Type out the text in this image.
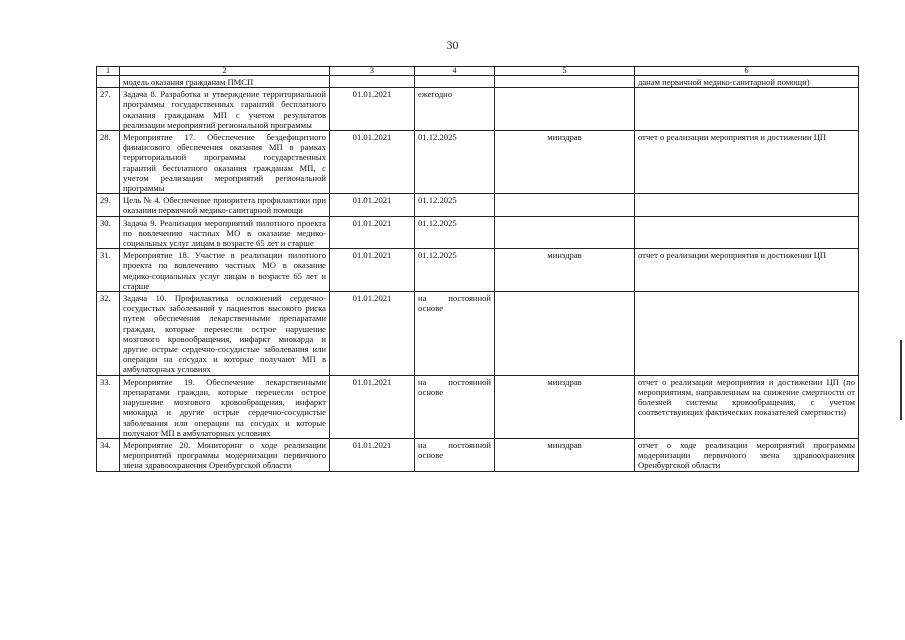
30
1	2	3	4	5	6
	модель оказания гражданам ПМСП				данам первичной медико-санитарной помощи)
27.	Задача 8. Разработка и утверждение территориальной программы государственных гарантий бесплатного оказания гражданам МП с учетом результатов реализации мероприятий региональной программы	01.01.2021	ежегодно		
28.	Мероприятие 17. Обеспечение бездефицитного финансового обеспечения оказания МП в рамках территориальной программы государственных гарантий бесплатного оказания гражданам МП, с учетом реализации мероприятий региональной программы	01.01.2021	01.12.2025	минздрав	отчет о реализации мероприятия и достижении ЦП
29.	Цель № 4. Обеспечение приоритета профилактики при оказании первичной медико-санитарной помощи	01.01.2021	01.12.2025		
30.	Задача 9. Реализация мероприятий пилотного проекта по вовлечению частных МО в оказание медико-социальных услуг лицам в возрасте 65 лет и старше	01.01.2021	01.12.2025		
31.	Мероприятие 18. Участие в реализации пилотного проекта по вовлечению частных МО в оказание медико-социальных услуг лицам в возрасте 65 лет и старше	01.01.2021	01.12.2025	минздрав	отчет о реализации мероприятия и достижении ЦП
32.	Задача 10. Профилактика осложнений сердечно-сосудистых заболеваний у пациентов высокого риска путем обеспечения лекарственными препаратами граждан, которые перенесли острое нарушение мозгового кровообращения, инфаркт миокарда и другие острые сердечно-сосудистые заболевания или операции на сосудах и которые получают МП в амбулаторных условиях	01.01.2021	на постоянной основе		
33.	Мероприятие 19. Обеспечение лекарственными препаратами граждан, которые перенесли острое нарушение мозгового кровообращения, инфаркт миокарда и другие острые сердечно-сосудистые заболевания или операции на сосудах и которые получают МП в амбулаторных условиях	01.01.2021	на постоянной основе	минздрав	отчет о реализации мероприятия и достижении ЦП (по мероприятиям, направленным на снижение смертности от болезней системы кровообращения, с учетом соответствующих фактических показателей смертности)
34.	Мероприятие 20. Мониторинг о ходе реализации мероприятий программы модернизации первичного звена здравоохранения Оренбургской области	01.01.2021	на постоянной основе	минздрав	отчет о ходе реализации мероприятий программы модернизации первичного звена здравоохранения Оренбургской области
